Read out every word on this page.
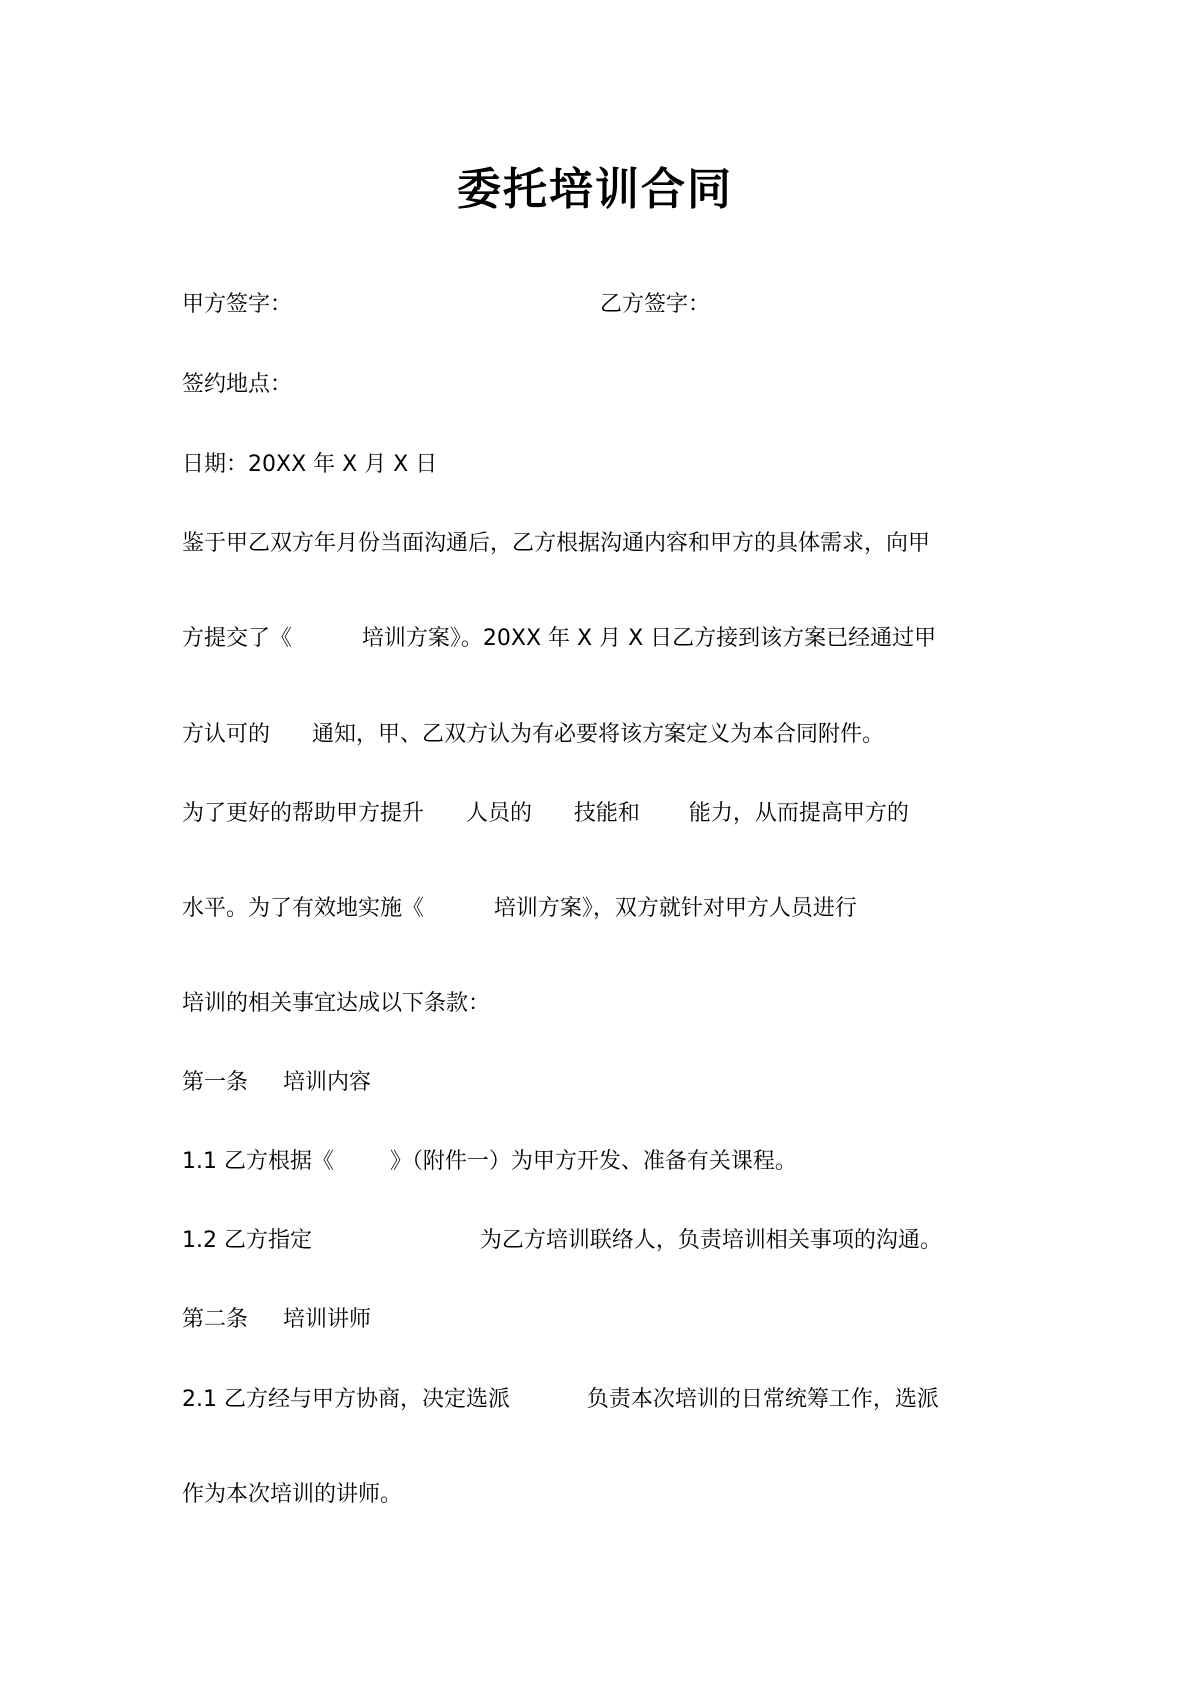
委托培训合同
甲方签字：	乙方签字：
签约地点：
日期：20XX 年 X 月 X 日
鉴于甲乙双方年月份当面沟通后，乙方根据沟通内容和甲方的具体需求，向甲
方提交了《          培训方案》。20XX 年 X 月 X 日乙方接到该方案已经通过甲
方认可的      通知，甲、乙双方认为有必要将该方案定义为本合同附件。
为了更好的帮助甲方提升      人员的      技能和       能力，从而提高甲方的
水平。为了有效地实施《          培训方案》，双方就针对甲方人员进行
培训的相关事宜达成以下条款：
第一条     培训内容
1.1 乙方根据《        》（附件一）为甲方开发、准备有关课程。
1.2 乙方指定                        为乙方培训联络人，负责培训相关事项的沟通。
第二条     培训讲师
2.1 乙方经与甲方协商，决定选派           负责本次培训的日常统筹工作，选派
作为本次培训的讲师。
